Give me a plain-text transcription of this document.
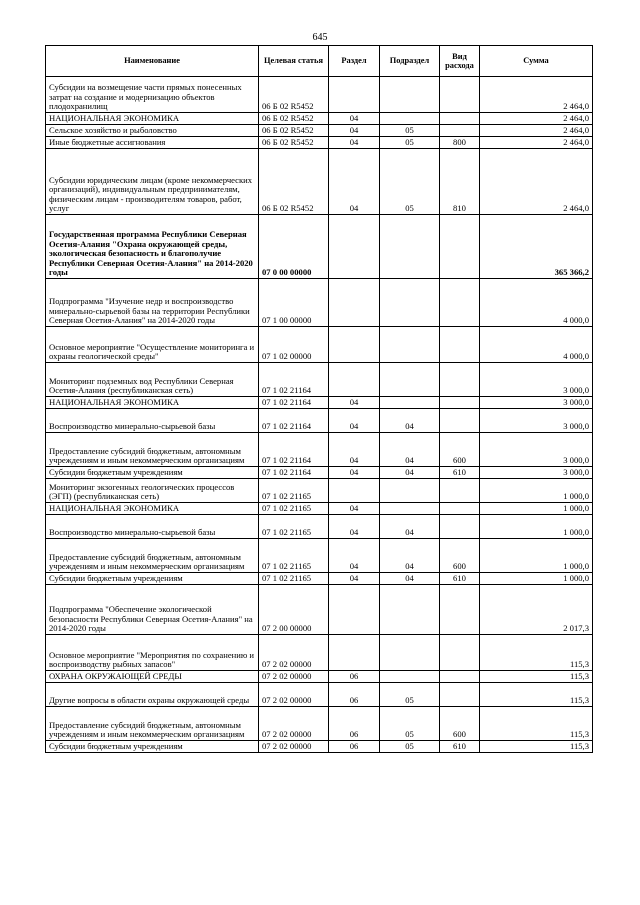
645
Наименование	Целевая статья	Раздел	Подраздел	Вид расхода	Сумма
Субсидии на возмещение части прямых понесенных затрат на создание и модернизацию объектов плодохранилищ	06 Б 02 R5452				2 464,0
НАЦИОНАЛЬНАЯ ЭКОНОМИКА	06 Б 02 R5452	04			2 464,0
Сельское хозяйство и рыболовство	06 Б 02 R5452	04	05		2 464,0
Иные бюджетные ассигнования	06 Б 02 R5452	04	05	800	2 464,0
Субсидии юридическим лицам (кроме некоммерческих организаций), индивидуальным предпринимателям, физическим лицам - производителям товаров, работ, услуг	06 Б 02 R5452	04	05	810	2 464,0
Государственная программа Республики Северная Осетия-Алания "Охрана окружающей среды, экологическая безопасность и благополучие Республики Северная Осетия-Алания" на 2014-2020 годы	07 0 00 00000				365 366,2
Подпрограмма "Изучение недр и воспроизводство минерально-сырьевой базы на территории Республики Северная Осетия-Алания" на 2014-2020 годы	07 1 00 00000				4 000,0
Основное мероприятие "Осуществление мониторинга и охраны геологической среды"	07 1 02 00000				4 000,0
Мониторинг подземных вод Республики Северная Осетия-Алания (республиканская сеть)	07 1 02 21164				3 000,0
НАЦИОНАЛЬНАЯ ЭКОНОМИКА	07 1 02 21164	04			3 000,0
Воспроизводство минерально-сырьевой базы	07 1 02 21164	04	04		3 000,0
Предоставление субсидий бюджетным, автономным учреждениям и иным некоммерческим организациям	07 1 02 21164	04	04	600	3 000,0
Субсидии бюджетным учреждениям	07 1 02 21164	04	04	610	3 000,0
Мониторинг экзогенных геологических процессов (ЭГП) (республиканская сеть)	07 1 02 21165				1 000,0
НАЦИОНАЛЬНАЯ ЭКОНОМИКА	07 1 02 21165	04			1 000,0
Воспроизводство минерально-сырьевой базы	07 1 02 21165	04	04		1 000,0
Предоставление субсидий бюджетным, автономным учреждениям и иным некоммерческим организациям	07 1 02 21165	04	04	600	1 000,0
Субсидии бюджетным учреждениям	07 1 02 21165	04	04	610	1 000,0
Подпрограмма "Обеспечение экологической безопасности Республики Северная Осетия-Алания" на 2014-2020 годы	07 2 00 00000				2 017,3
Основное мероприятие "Мероприятия по сохранению и воспроизводству рыбных запасов"	07 2 02 00000				115,3
ОХРАНА ОКРУЖАЮЩЕЙ СРЕДЫ	07 2 02 00000	06			115,3
Другие вопросы в области охраны окружающей среды	07 2 02 00000	06	05		115,3
Предоставление субсидий бюджетным, автономным учреждениям и иным некоммерческим организациям	07 2 02 00000	06	05	600	115,3
Субсидии бюджетным учреждениям	07 2 02 00000	06	05	610	115,3
